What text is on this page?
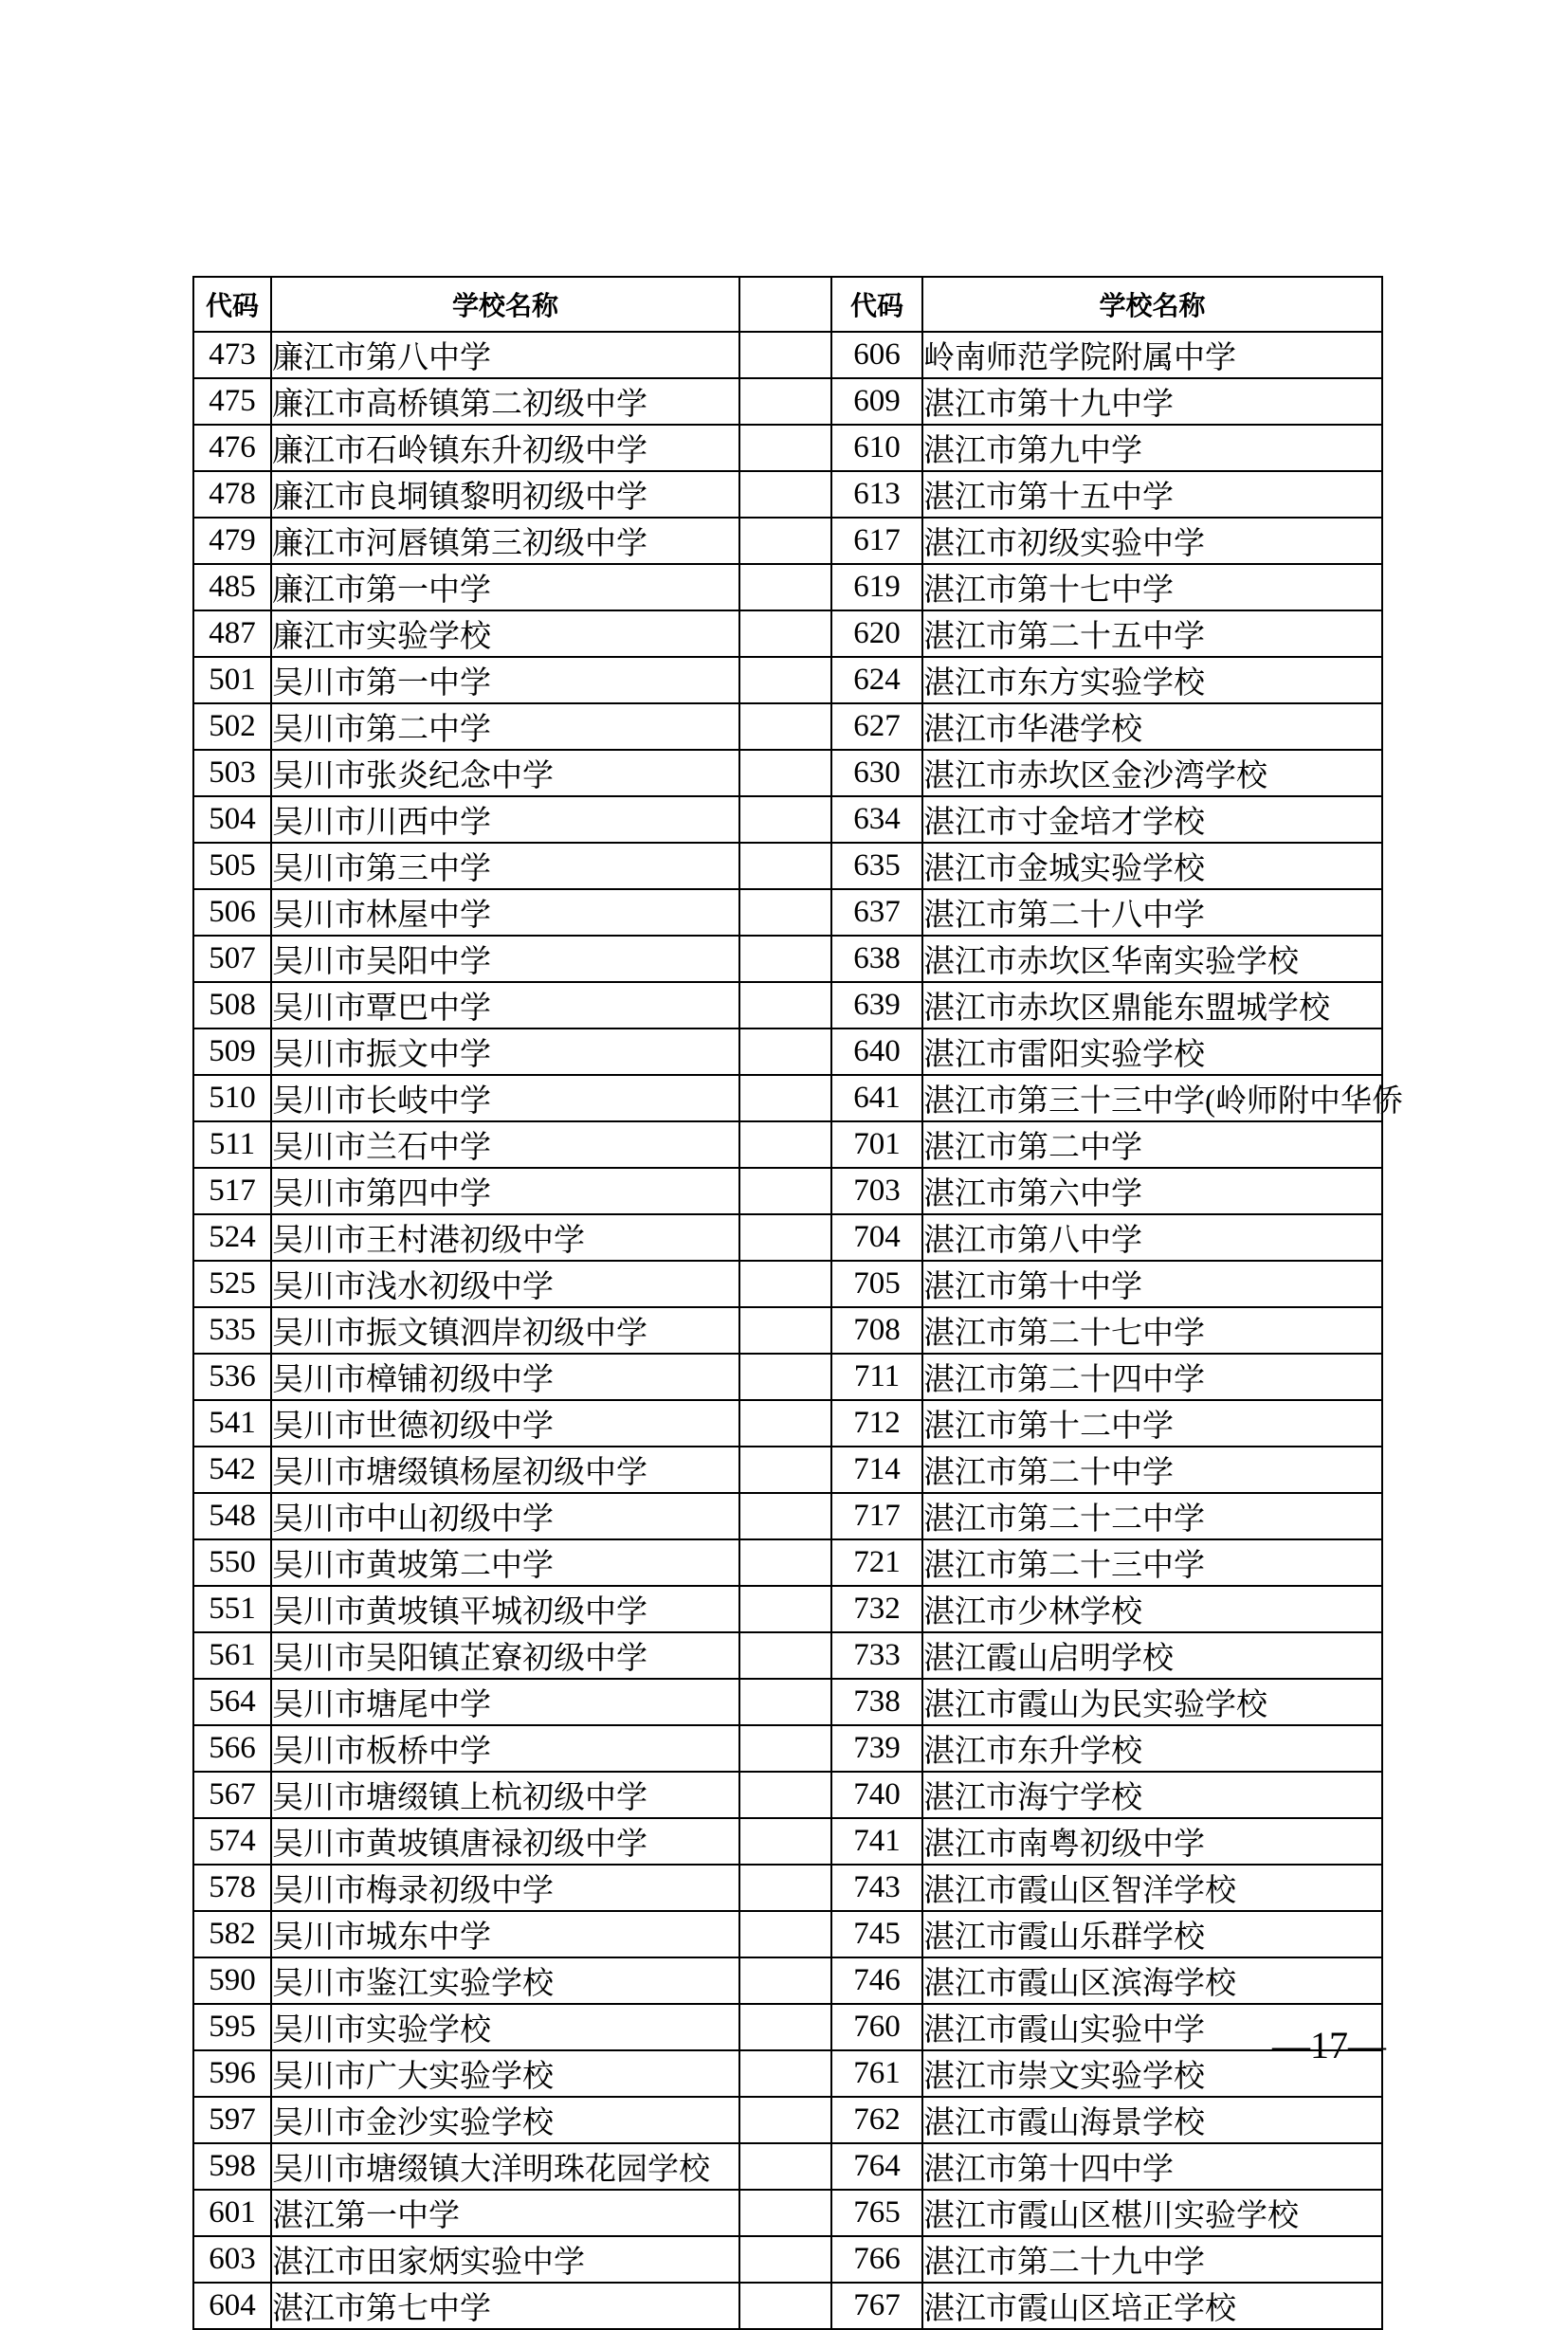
代码	学校名称		代码	学校名称
473	廉江市第八中学		606	岭南师范学院附属中学
475	廉江市高桥镇第二初级中学		609	湛江市第十九中学
476	廉江市石岭镇东升初级中学		610	湛江市第九中学
478	廉江市良垌镇黎明初级中学		613	湛江市第十五中学
479	廉江市河唇镇第三初级中学		617	湛江市初级实验中学
485	廉江市第一中学		619	湛江市第十七中学
487	廉江市实验学校		620	湛江市第二十五中学
501	吴川市第一中学		624	湛江市东方实验学校
502	吴川市第二中学		627	湛江市华港学校
503	吴川市张炎纪念中学		630	湛江市赤坎区金沙湾学校
504	吴川市川西中学		634	湛江市寸金培才学校
505	吴川市第三中学		635	湛江市金城实验学校
506	吴川市林屋中学		637	湛江市第二十八中学
507	吴川市吴阳中学		638	湛江市赤坎区华南实验学校
508	吴川市覃巴中学		639	湛江市赤坎区鼎能东盟城学校
509	吴川市振文中学		640	湛江市雷阳实验学校
510	吴川市长岐中学		641	湛江市第三十三中学(岭师附中华侨
511	吴川市兰石中学		701	湛江市第二中学
517	吴川市第四中学		703	湛江市第六中学
524	吴川市王村港初级中学		704	湛江市第八中学
525	吴川市浅水初级中学		705	湛江市第十中学
535	吴川市振文镇泗岸初级中学		708	湛江市第二十七中学
536	吴川市樟铺初级中学		711	湛江市第二十四中学
541	吴川市世德初级中学		712	湛江市第十二中学
542	吴川市塘缀镇杨屋初级中学		714	湛江市第二十中学
548	吴川市中山初级中学		717	湛江市第二十二中学
550	吴川市黄坡第二中学		721	湛江市第二十三中学
551	吴川市黄坡镇平城初级中学		732	湛江市少林学校
561	吴川市吴阳镇芷寮初级中学		733	湛江霞山启明学校
564	吴川市塘尾中学		738	湛江市霞山为民实验学校
566	吴川市板桥中学		739	湛江市东升学校
567	吴川市塘缀镇上杭初级中学		740	湛江市海宁学校
574	吴川市黄坡镇唐禄初级中学		741	湛江市南粤初级中学
578	吴川市梅录初级中学		743	湛江市霞山区智洋学校
582	吴川市城东中学		745	湛江市霞山乐群学校
590	吴川市鉴江实验学校		746	湛江市霞山区滨海学校
595	吴川市实验学校		760	湛江市霞山实验中学
596	吴川市广大实验学校		761	湛江市崇文实验学校
597	吴川市金沙实验学校		762	湛江市霞山海景学校
598	吴川市塘缀镇大洋明珠花园学校		764	湛江市第十四中学
601	湛江第一中学		765	湛江市霞山区椹川实验学校
603	湛江市田家炳实验中学		766	湛江市第二十九中学
604	湛江市第七中学		767	湛江市霞山区培正学校
—17—
